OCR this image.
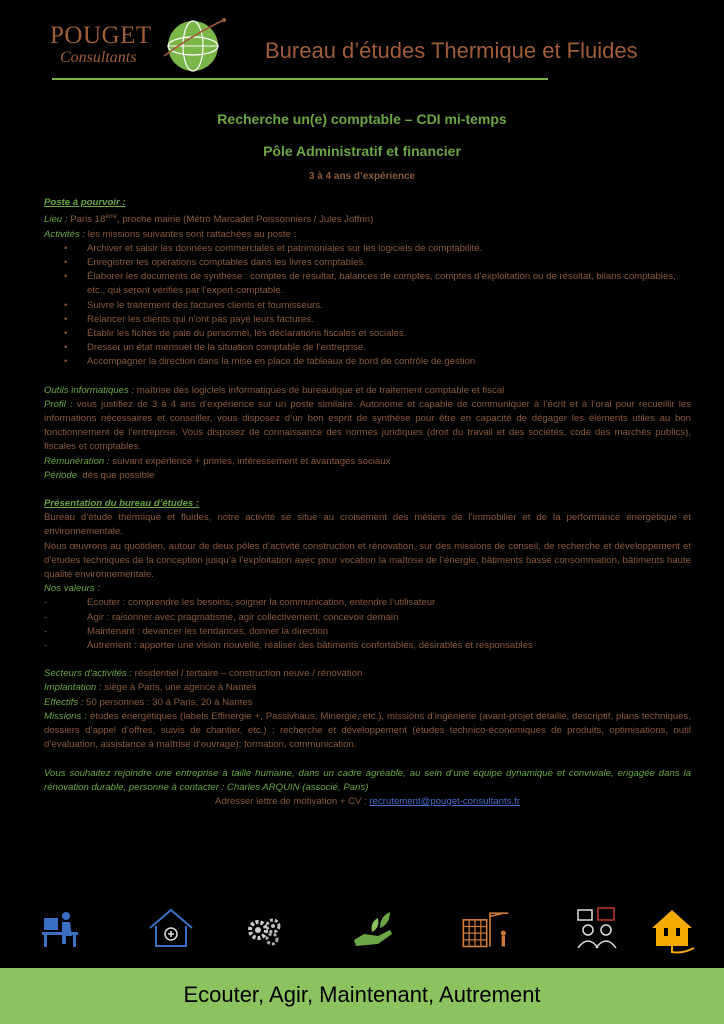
POUGET
Consultants	Bureau d’études Thermique et Fluides
Recherche un(e) comptable – CDI mi-temps
Pôle Administratif et financier
3 à 4 ans d’expérience

Poste à pourvoir :

Lieu : Paris 18ème, proche mairie (Métro Marcadet Poissonniers / Jules Joffrin)

Activités : les missions suivantes sont rattachées au poste :

• Archiver et saisir les données commerciales et patrimoniales sur les logiciels de comptabilité.
• Enregistrer les opérations comptables dans les livres comptables.
• Élaborer les documents de synthèse : comptes de résultat, balances de comptes, comptes d’exploitation ou de résultat, bilans comptables, etc., qui seront vérifiés par l’expert-comptable.
• Suivre le traitement des factures clients et fournisseurs.
• Relancer les clients qui n’ont pas payé leurs factures.
• Établir les fiches de paie du personnel, les déclarations fiscales et sociales.
• Dresser un état mensuel de la situation comptable de l’entreprise.
• Accompagner la direction dans la mise en place de tableaux de bord de contrôle de gestion

Outils informatiques : maîtrise des logiciels informatiques de bureautique et de traitement comptable et fiscal

Profil : vous justifiez de 3 à 4 ans d’expérience sur un poste similaire. Autonome et capable de communiquer à l’écrit et à l’oral pour recueillir les informations nécessaires et conseiller, vous disposez d’un bon esprit de synthèse pour être en capacité de dégager les éléments utiles au bon fonctionnement de l’entreprise. Vous disposez de connaissance des normes juridiques (droit du travail et des sociétés, code des marchés publics), fiscales et comptables.

Rémunération : suivant expérience + primes, intéressement et avantages sociaux

Période  dès que possible

Présentation du bureau d’études :

Bureau d’étude thermique et fluides, notre activité se situe au croisement des métiers de l’immobilier et de la performance énergétique et environnementale.

Nous œuvrons au quotidien, autour de deux pôles d’activité construction et rénovation, sur des missions de conseil, de recherche et développement et d’études techniques de la conception jusqu’à l’exploitation avec pour vocation la maîtrise de l’énergie, bâtiments basse consommation, bâtiments haute qualité environnementale.

Nos valeurs :

- Ecouter : comprendre les besoins, soigner la communication, entendre l’utilisateur
- Agir : raisonner avec pragmatisme, agir collectivement, concevoir demain
- Maintenant : devancer les tendances, donner la direction
- Autrement : apporter une vision nouvelle, réaliser des bâtiments confortables, désirables et responsables

Secteurs d’activités : résidentiel / tertiaire – construction neuve / rénovation

Implantation : siège à Paris, une agence à Nantes

Effectifs : 50 personnes : 30 à Paris, 20 à Nantes

Missions : études énergétiques (labels Effinergie +, Passivhaus, Minergie, etc.), missions d’ingénierie (avant-projet détaillé, descriptif, plans techniques, dossiers d’appel d’offres, suivis de chantier, etc.) ; recherche et développement (études technico-économiques de produits, optimisations, outil d’évaluation, assistance à maîtrise d’ouvrage); formation, communication.

Vous souhaitez rejoindre une entreprise à taille humaine, dans un cadre agréable, au sein d’une équipe dynamique et conviviale, engagée dans la rénovation durable, personne à contacter : Charles ARQUIN (associé, Paris)

Adresser lettre de motivation + CV : recrutement@pouget-consultants.fr

Ecouter, Agir, Maintenant, Autrement
